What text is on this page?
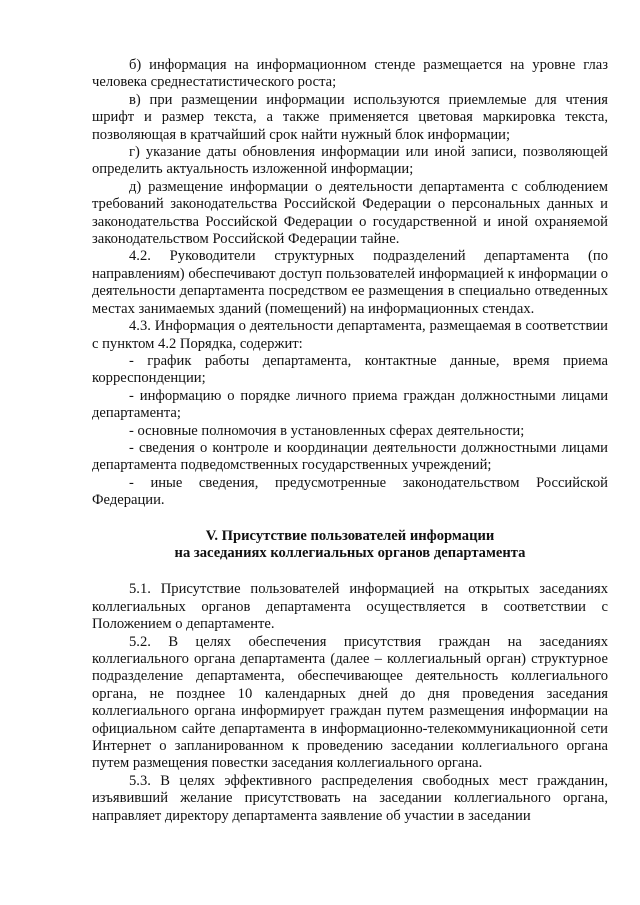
б) информация на информационном стенде размещается на уровне глаз человека среднестатистического роста;

в) при размещении информации используются приемлемые для чтения шрифт и размер текста, а также применяется цветовая маркировка текста, позволяющая в кратчайший срок найти нужный блок информации;

г) указание даты обновления информации или иной записи, позволяющей определить актуальность изложенной информации;

д) размещение информации о деятельности департамента с соблюдением требований законодательства Российской Федерации о персональных данных и законодательства Российской Федерации о государственной и иной охраняемой законодательством Российской Федерации тайне.

4.2. Руководители структурных подразделений департамента (по направлениям) обеспечивают доступ пользователей информацией к информации о деятельности департамента посредством ее размещения в специально отведенных местах занимаемых зданий (помещений) на информационных стендах.

4.3. Информация о деятельности департамента, размещаемая в соответствии с пунктом 4.2 Порядка, содержит:

- график работы департамента, контактные данные, время приема корреспонденции;

- информацию о порядке личного приема граждан должностными лицами департамента;

- основные полномочия в установленных сферах деятельности;

- сведения о контроле и координации деятельности должностными лицами департамента подведомственных государственных учреждений;

- иные сведения, предусмотренные законодательством Российской Федерации.

V. Присутствие пользователей информации
на заседаниях коллегиальных органов департамента

5.1. Присутствие пользователей информацией на открытых заседаниях коллегиальных органов департамента осуществляется в соответствии с Положением о департаменте.

5.2. В целях обеспечения присутствия граждан на заседаниях коллегиального органа департамента (далее – коллегиальный орган) структурное подразделение департамента, обеспечивающее деятельность коллегиального органа, не позднее 10 календарных дней до дня проведения заседания коллегиального органа информирует граждан путем размещения информации на официальном сайте департамента в информационно-телекоммуникационной сети Интернет о запланированном к проведению заседании коллегиального органа путем размещения повестки заседания коллегиального органа.

5.3. В целях эффективного распределения свободных мест гражданин, изъявивший желание присутствовать на заседании коллегиального органа, направляет директору департамента заявление об участии в заседании
